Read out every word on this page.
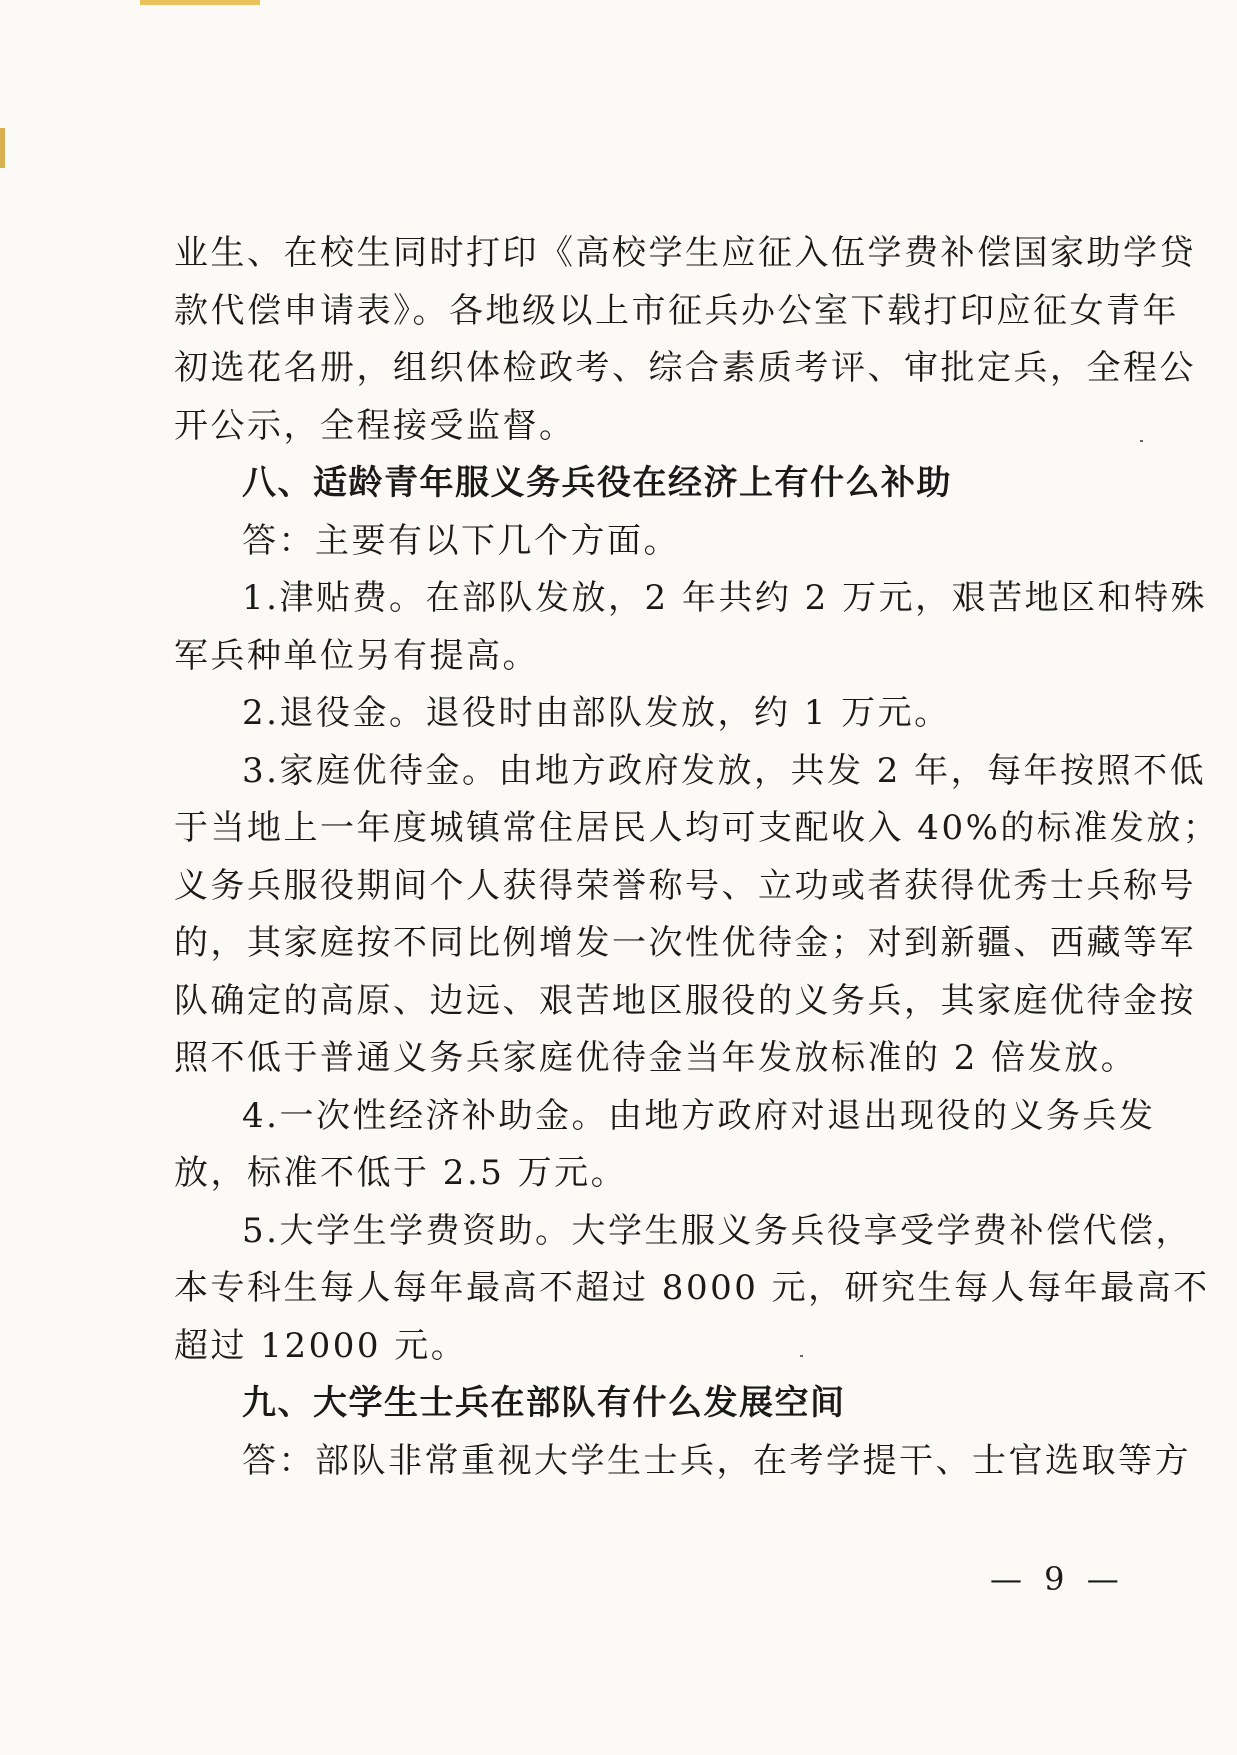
业生、在校生同时打印《高校学生应征入伍学费补偿国家助学贷
款代偿申请表》。各地级以上市征兵办公室下载打印应征女青年
初选花名册，组织体检政考、综合素质考评、审批定兵，全程公
开公示，全程接受监督。
八、适龄青年服义务兵役在经济上有什么补助
答：主要有以下几个方面。
1.津贴费。在部队发放，2 年共约 2 万元，艰苦地区和特殊
军兵种单位另有提高。
2.退役金。退役时由部队发放，约 1 万元。
3.家庭优待金。由地方政府发放，共发 2 年，每年按照不低
于当地上一年度城镇常住居民人均可支配收入 40%的标准发放；
义务兵服役期间个人获得荣誉称号、立功或者获得优秀士兵称号
的，其家庭按不同比例增发一次性优待金；对到新疆、西藏等军
队确定的高原、边远、艰苦地区服役的义务兵，其家庭优待金按
照不低于普通义务兵家庭优待金当年发放标准的 2 倍发放。
4.一次性经济补助金。由地方政府对退出现役的义务兵发
放，标准不低于 2.5 万元。
5.大学生学费资助。大学生服义务兵役享受学费补偿代偿，
本专科生每人每年最高不超过 8000 元，研究生每人每年最高不
超过 12000 元。
九、大学生士兵在部队有什么发展空间
答：部队非常重视大学生士兵，在考学提干、士官选取等方
— 9 —
